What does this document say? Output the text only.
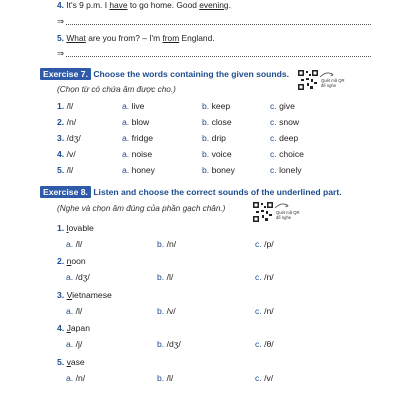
4. It's 9 p.m. I have to go home. Good evening.
⇒
5. What are you from? – I'm from England.
⇒
Exercise 7. Choose the words containing the given sounds.
(Chọn từ có chứa âm được cho.)
Quét mã QR
để nghe
1. /l/	a. live	b. keep	c. give
2. /n/	a. blow	b. close	c. snow
3. /dʒ/	a. fridge	b. drip	c. deep
4. /v/	a. noise	b. voice	c. choice
5. /l/	a. honey	b. boney	c. lonely
Exercise 8. Listen and choose the correct sounds of the underlined part.
(Nghe và chọn âm đúng của phần gạch chân.)	Quét mã QR
để nghe
1. lovable
a. /l/	b. /n/	c. /p/
2. noon
a. /dʒ/	b. /l/	c. /n/
3. Vietnamese
a. /l/	b. /v/	c. /n/
4. Japan
a. /j/	b. /dʒ/	c. /θ/
5. vase
a. /n/	b. /l/	c. /v/
